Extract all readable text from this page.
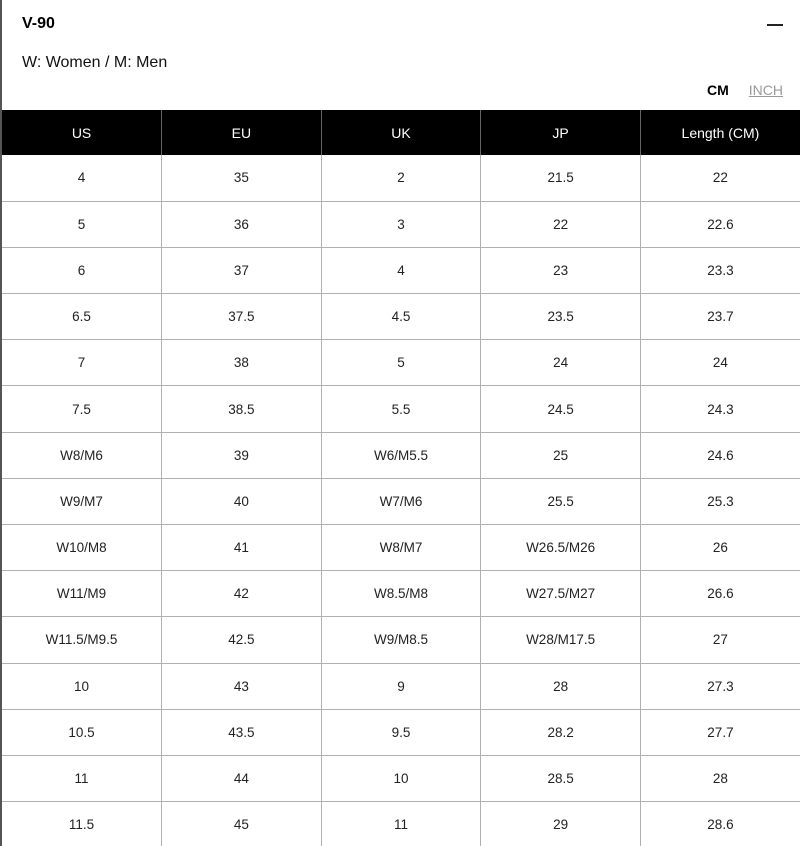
V-90
W: Women / M: Men
CM INCH
US	EU	UK	JP	Length (CM)
4	35	2	21.5	22
5	36	3	22	22.6
6	37	4	23	23.3
6.5	37.5	4.5	23.5	23.7
7	38	5	24	24
7.5	38.5	5.5	24.5	24.3
W8/M6	39	W6/M5.5	25	24.6
W9/M7	40	W7/M6	25.5	25.3
W10/M8	41	W8/M7	W26.5/M26	26
W11/M9	42	W8.5/M8	W27.5/M27	26.6
W11.5/M9.5	42.5	W9/M8.5	W28/M17.5	27
10	43	9	28	27.3
10.5	43.5	9.5	28.2	27.7
11	44	10	28.5	28
11.5	45	11	29	28.6
